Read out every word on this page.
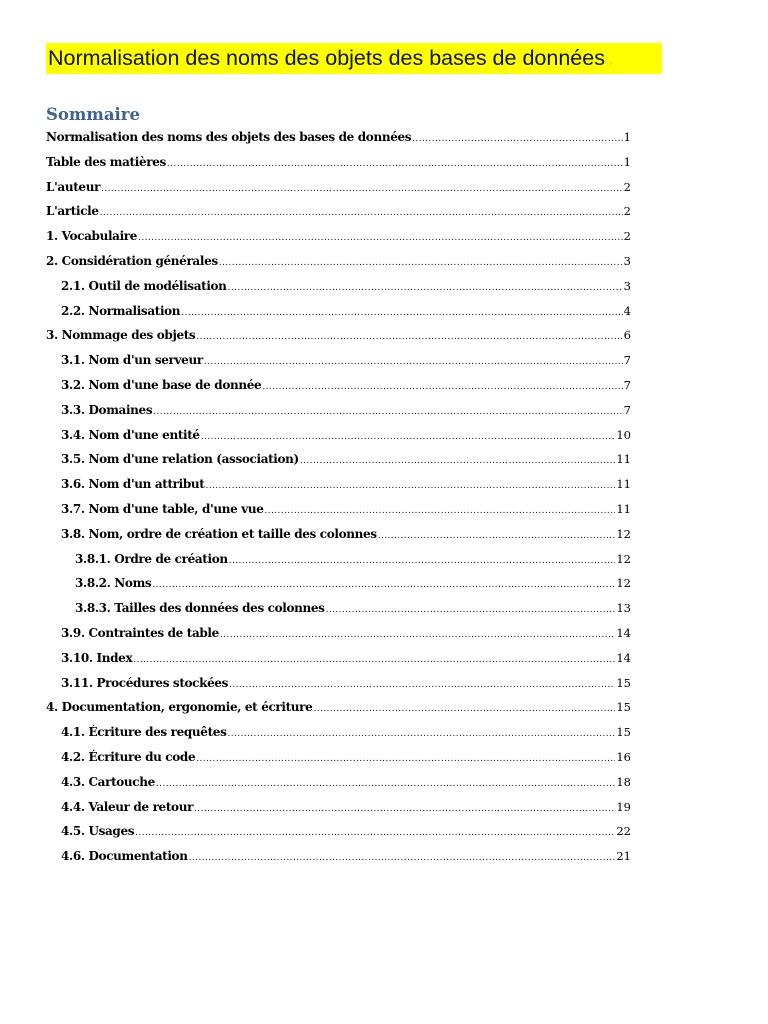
Normalisation des noms des objets des bases de données .
Sommaire
Normalisation des noms des objets des bases de données .....	1
Table des matières .....	1
L'auteur .....	2
L'article .....	2
1. Vocabulaire .....	2
2. Considération générales .....	3
2.1. Outil de modélisation .....	3
2.2. Normalisation .....	4
3. Nommage des objets .....	6
3.1. Nom d'un serveur .....	7
3.2. Nom d'une base de donnée .....	7
3.3. Domaines .....	7
3.4. Nom d'une entité .....	10
3.5. Nom d'une relation (association) .....	11
3.6. Nom d'un attribut .....	11
3.7. Nom d'une table, d'une vue .....	11
3.8. Nom, ordre de création et taille des colonnes .....	12
3.8.1. Ordre de création .....	12
3.8.2. Noms .....	12
3.8.3. Tailles des données des colonnes .....	13
3.9. Contraintes de table .....	14
3.10. Index .....	14
3.11. Procédures stockées .....	15
4. Documentation, ergonomie, et écriture .....	15
4.1. Écriture des requêtes .....	15
4.2. Écriture du code .....	16
4.3. Cartouche .....	18
4.4. Valeur de retour .....	19
4.5. Usages .....	22
4.6. Documentation .....	21
